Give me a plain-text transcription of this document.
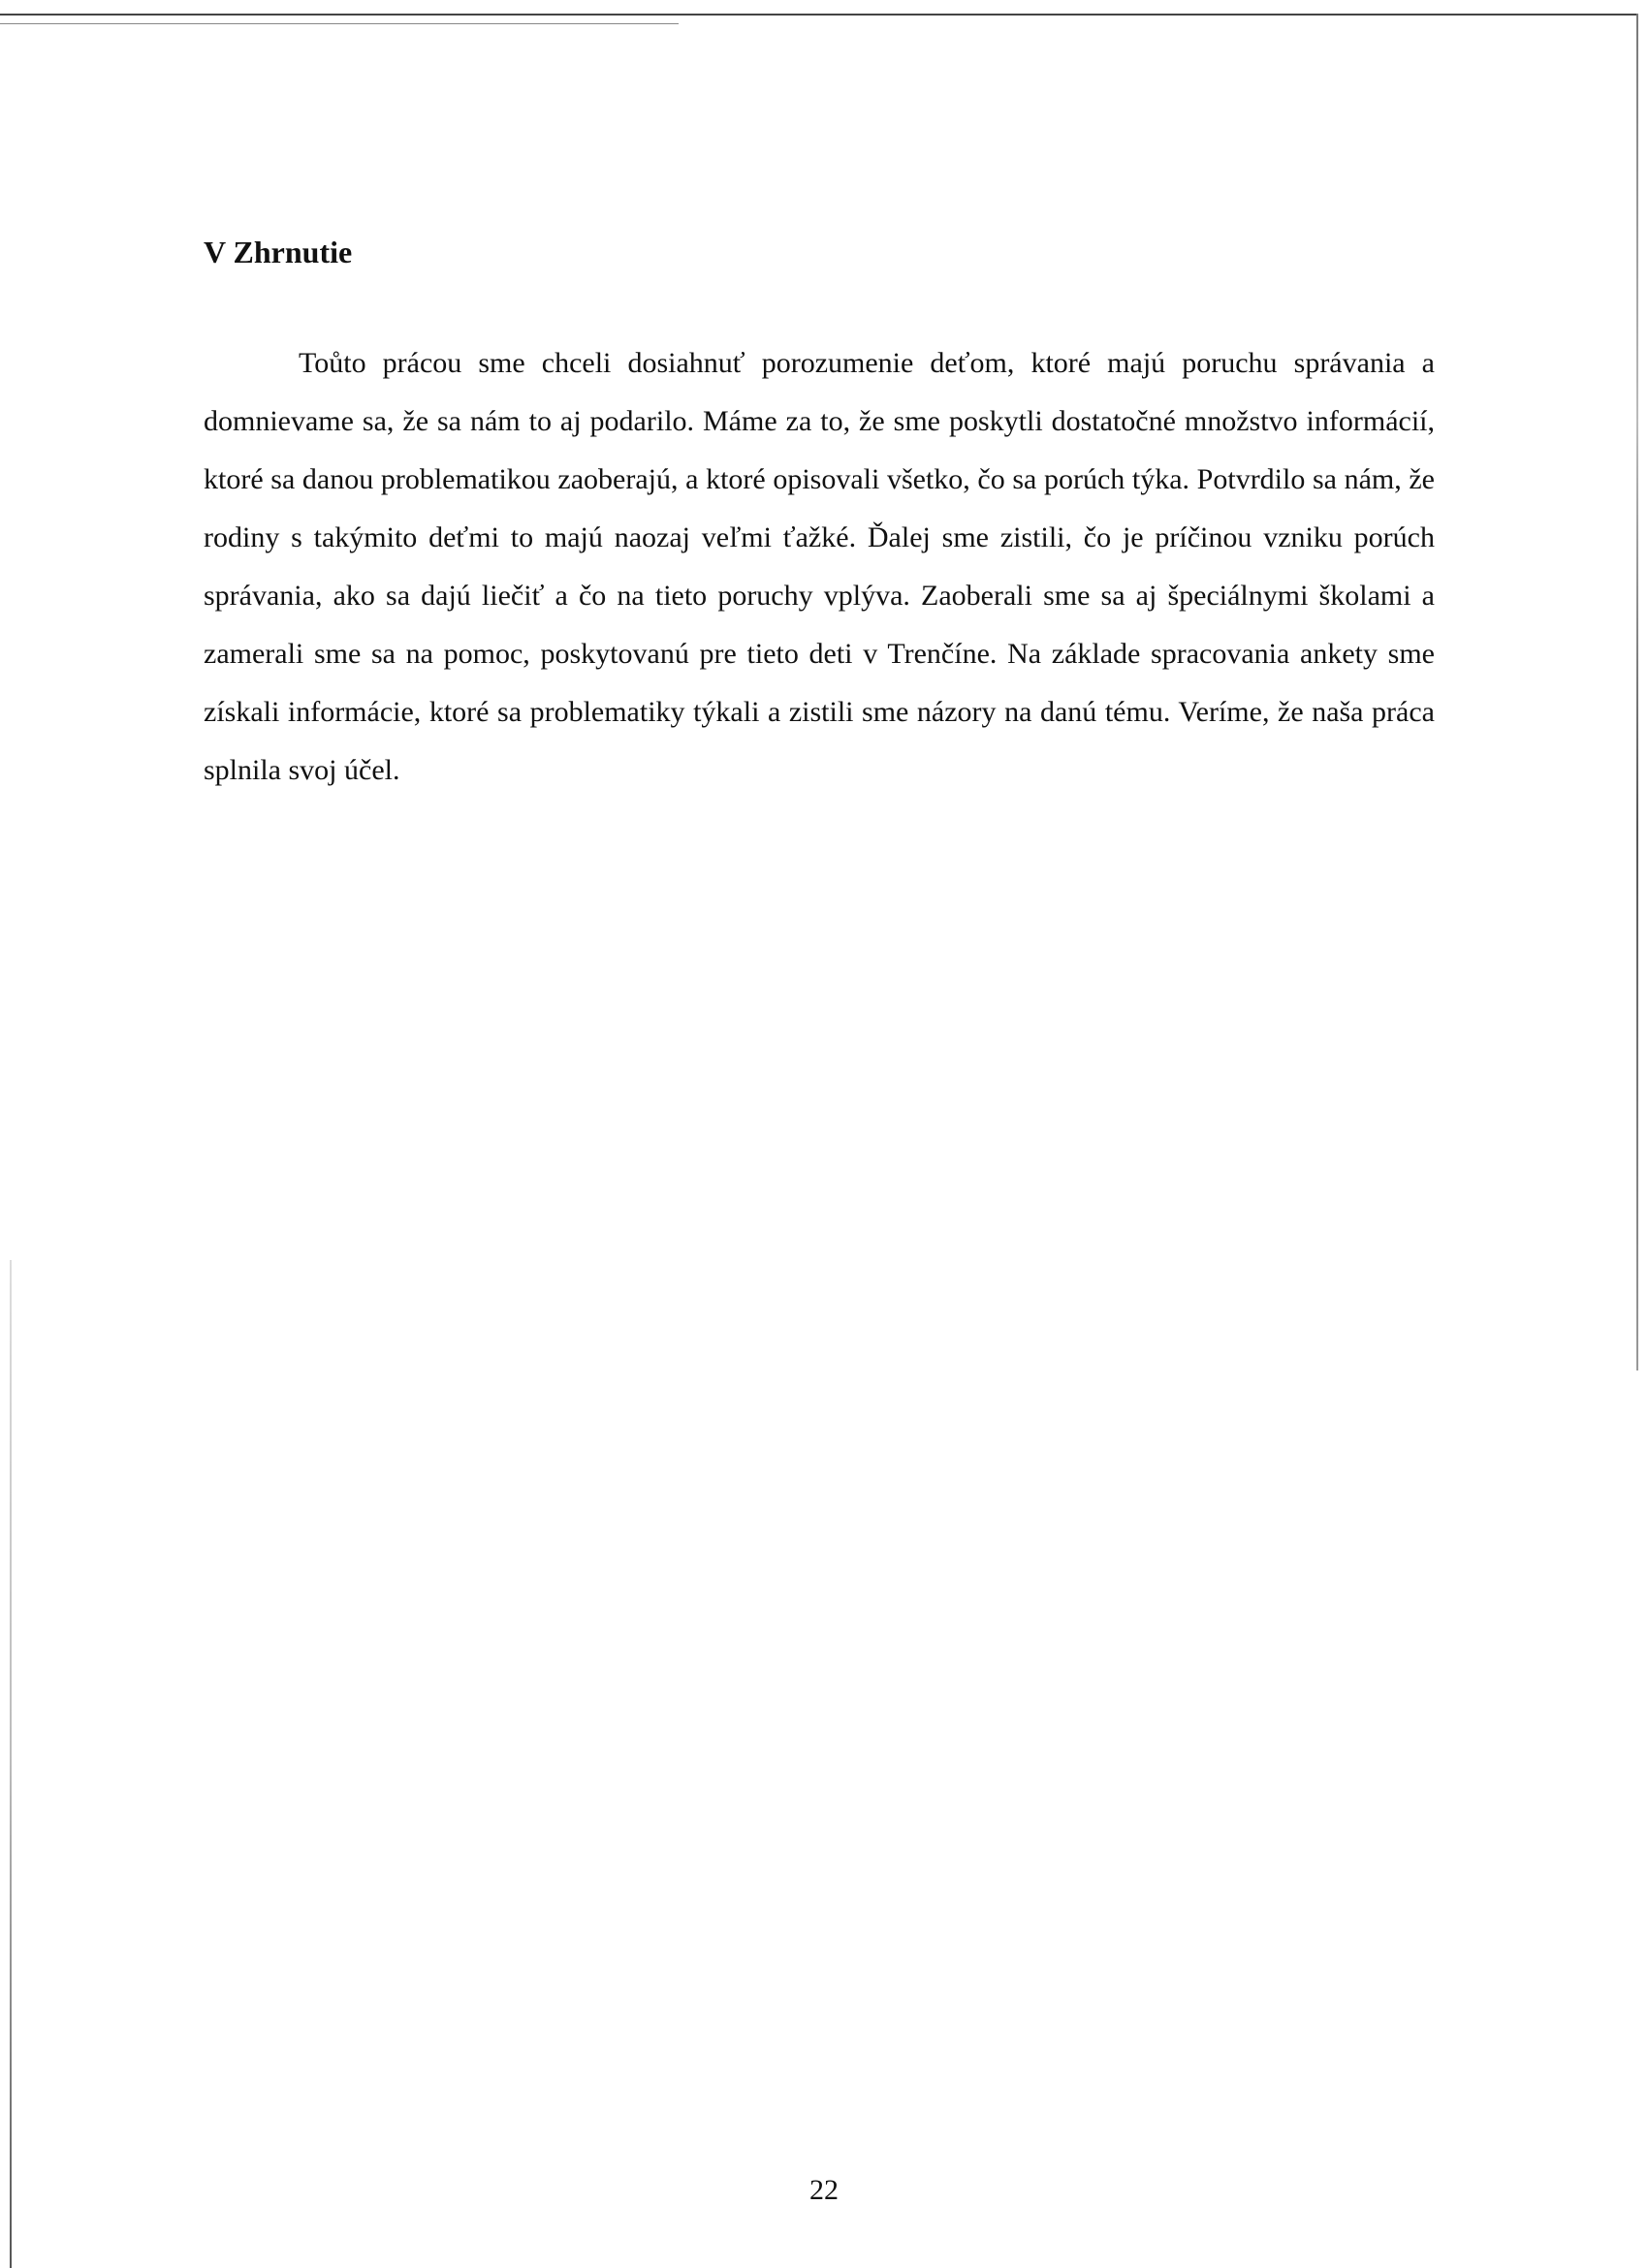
V Zhrnutie

Toůto prácou sme chceli dosiahnuť porozumenie deťom, ktoré majú poruchu správania a domnievame sa, že sa nám to aj podarilo. Máme za to, že sme poskytli dostatočné množstvo informácií, ktoré sa danou problematikou zaoberajú, a ktoré opisovali všetko, čo sa porúch týka. Potvrdilo sa nám, že rodiny s takýmito deťmi to majú naozaj veľmi ťažké. Ďalej sme zistili, čo je príčinou vzniku porúch správania, ako sa dajú liečiť a čo na tieto poruchy vplýva. Zaoberali sme sa aj špeciálnymi školami a zamerali sme sa na pomoc, poskytovanú pre tieto deti v Trenčíne. Na základe spracovania ankety sme získali informácie, ktoré sa problematiky týkali a zistili sme názory na danú tému. Veríme, že naša práca splnila svoj účel.

22
